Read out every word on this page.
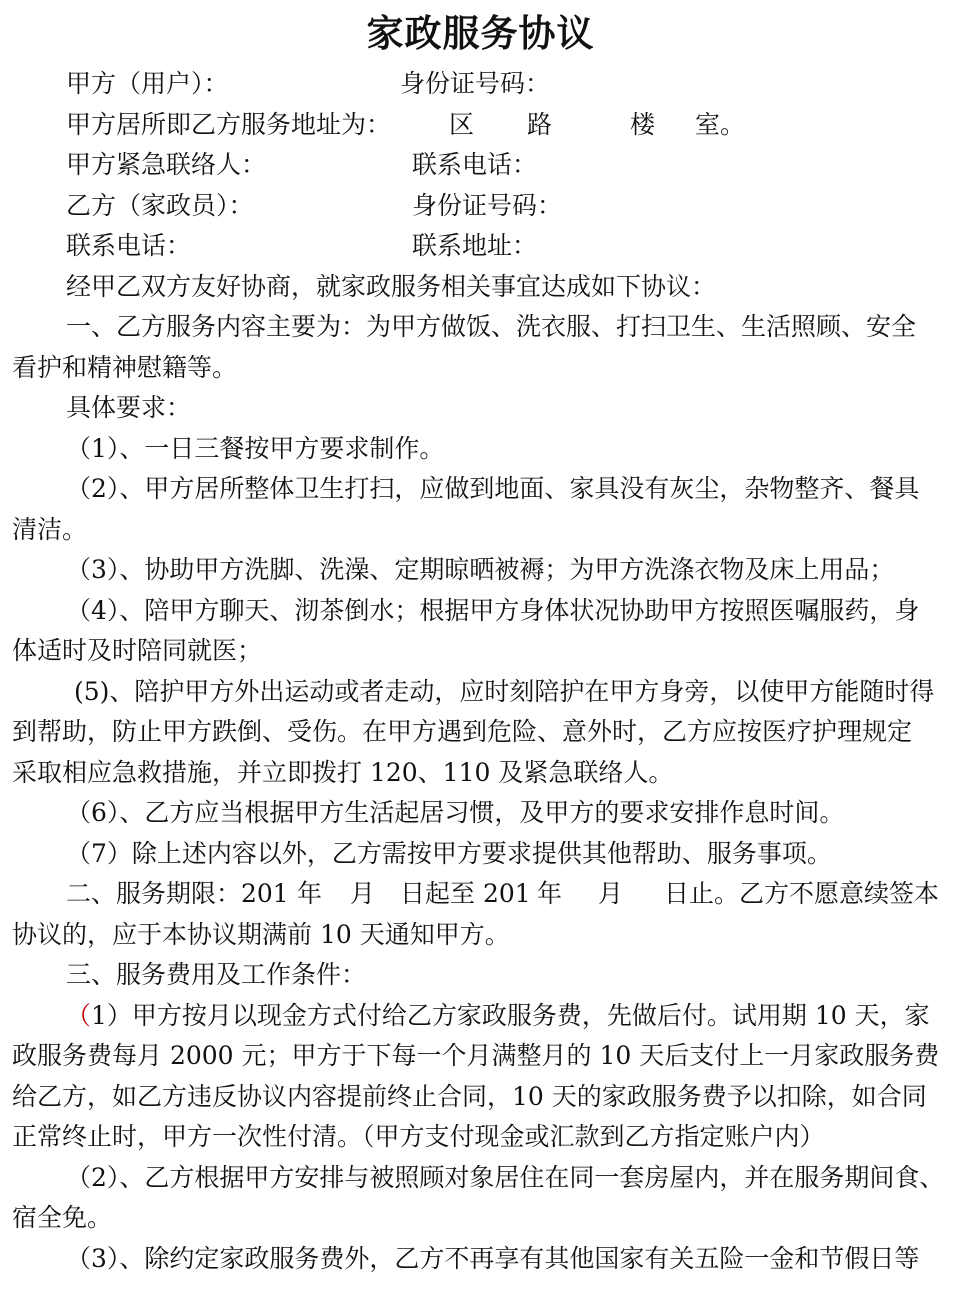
家政服务协议
甲方（用户）：	身份证号码：
甲方居所即乙方服务地址为： 区 路	楼 室。
甲方紧急联络人：	联系电话：
乙方（家政员）：	身份证号码：
联系电话：	联系地址：
经甲乙双方友好协商，就家政服务相关事宜达成如下协议：
一、乙方服务内容主要为：为甲方做饭、洗衣服、打扫卫生、生活照顾、安全
看护和精神慰籍等。
具体要求：
（1）、一日三餐按甲方要求制作。
（2）、甲方居所整体卫生打扫，应做到地面、家具没有灰尘，杂物整齐、餐具
清洁。
（3）、协助甲方洗脚、洗澡、定期晾晒被褥；为甲方洗涤衣物及床上用品；
（4）、陪甲方聊天、沏茶倒水；根据甲方身体状况协助甲方按照医嘱服药，身
体适时及时陪同就医；
(5)、陪护甲方外出运动或者走动，应时刻陪护在甲方身旁，以使甲方能随时得
到帮助，防止甲方跌倒、受伤。在甲方遇到危险、意外时，乙方应按医疗护理规定
采取相应急救措施，并立即拨打 120、110 及紧急联络人。
（6）、乙方应当根据甲方生活起居习惯，及甲方的要求安排作息时间。
（7）除上述内容以外，乙方需按甲方要求提供其他帮助、服务事项。
二、服务期限：201 年 月 日起至 201 年 月 日止。乙方不愿意续签本
协议的，应于本协议期满前 10 天通知甲方。
三、服务费用及工作条件：
（ 1）甲方按月以现金方式付给乙方家政服务费，先做后付。试用期 10 天，家
政服务费每月 2000 元；甲方于下每一个月满整月的 10 天后支付上一月家政服务费
给乙方，如乙方违反协议内容提前终止合同，10 天的家政服务费予以扣除，如合同
正常终止时，甲方一次性付清。（甲方支付现金或汇款到乙方指定账户内）
（2）、乙方根据甲方安排与被照顾对象居住在同一套房屋内，并在服务期间食、
宿全免。
（3）、除约定家政服务费外，乙方不再享有其他国家有关五险一金和节假日等
